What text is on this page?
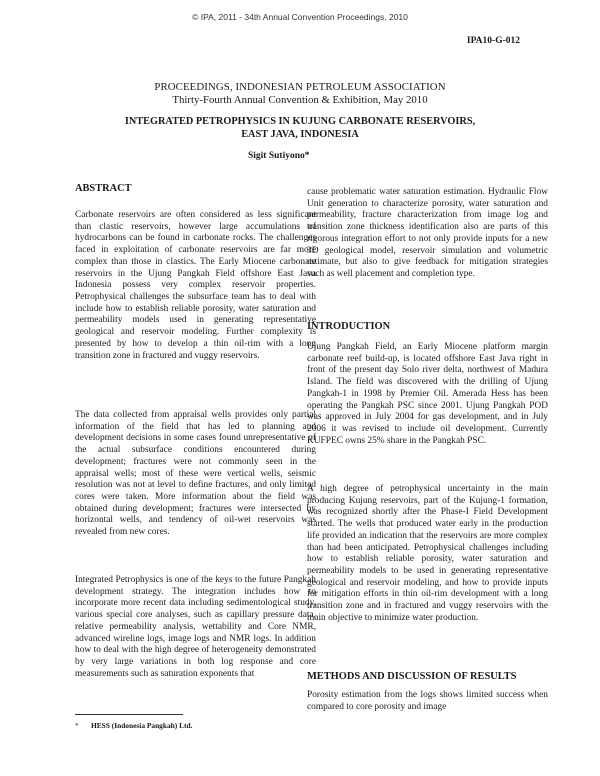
© IPA, 2011 - 34th Annual Convention Proceedings, 2010
IPA10-G-012
PROCEEDINGS, INDONESIAN PETROLEUM ASSOCIATION
Thirty-Fourth Annual Convention & Exhibition, May 2010
INTEGRATED PETROPHYSICS IN KUJUNG CARBONATE RESERVOIRS,
EAST JAVA, INDONESIA
Sigit Sutiyono*
ABSTRACT

Carbonate reservoirs are often considered as less significant than clastic reservoirs, however large accumulations of hydrocarbons can be found in carbonate rocks. The challenges faced in exploitation of carbonate reservoirs are far more complex than those in clastics. The Early Miocene carbonate reservoirs in the Ujung Pangkah Field offshore East Java Indonesia possess very complex reservoir properties. Petrophysical challenges the subsurface team has to deal with include how to establish reliable porosity, water saturation and permeability models used in generating representative geological and reservoir modeling. Further complexity is presented by how to develop a thin oil-rim with a long transition zone in fractured and vuggy reservoirs.

The data collected from appraisal wells provides only partial information of the field that has led to planning and development decisions in some cases found unrepresentative of the actual subsurface conditions encountered during development; fractures were not commonly seen in the appraisal wells; most of these were vertical wells, seismic resolution was not at level to define fractures, and only limited cores were taken. More information about the field was obtained during development; fractures were intersected by horizontal wells, and tendency of oil-wet reservoirs was revealed from new cores.

Integrated Petrophysics is one of the keys to the future Pangkah development strategy. The integration includes how to incorporate more recent data including sedimentological study, various special core analyses, such as capillary pressure data, relative permeability analysis, wettability and Core NMR, advanced wireline logs, image logs and NMR logs. In addition how to deal with the high degree of heterogeneity demonstrated by very large variations in both log response and core measurements such as saturation exponents that

cause problematic water saturation estimation. Hydraulic Flow Unit generation to characterize porosity, water saturation and permeability, fracture characterization from image log and transition zone thickness identification also are parts of this rigorous integration effort to not only provide inputs for a new 3D geological model, reservoir simulation and volumetric estimate, but also to give feedback for mitigation strategies such as well placement and completion type.

INTRODUCTION

Ujung Pangkah Field, an Early Miocene platform margin carbonate reef build-up, is located offshore East Java right in front of the present day Solo river delta, northwest of Madura Island. The field was discovered with the drilling of Ujung Pangkah-1 in 1998 by Premier Oil. Amerada Hess has been operating the Pangkah PSC since 2001. Ujung Pangkah POD was approved in July 2004 for gas development, and in July 2006 it was revised to include oil development. Currently KUFPEC owns 25% share in the Pangkah PSC.

A high degree of petrophysical uncertainty in the main producing Kujung reservoirs, part of the Kujung-1 formation, was recognized shortly after the Phase-I Field Development started. The wells that produced water early in the production life provided an indication that the reservoirs are more complex than had been anticipated. Petrophysical challenges including how to establish reliable porosity, water saturation and permeability models to be used in generating representative geological and reservoir modeling, and how to provide inputs for mitigation efforts in thin oil-rim development with a long transition zone and in fractured and vuggy reservoirs with the main objective to minimize water production.

METHODS AND DISCUSSION OF RESULTS

Porosity estimation from the logs shows limited success when compared to core porosity and image

* HESS (Indonesia Pangkah) Ltd.
